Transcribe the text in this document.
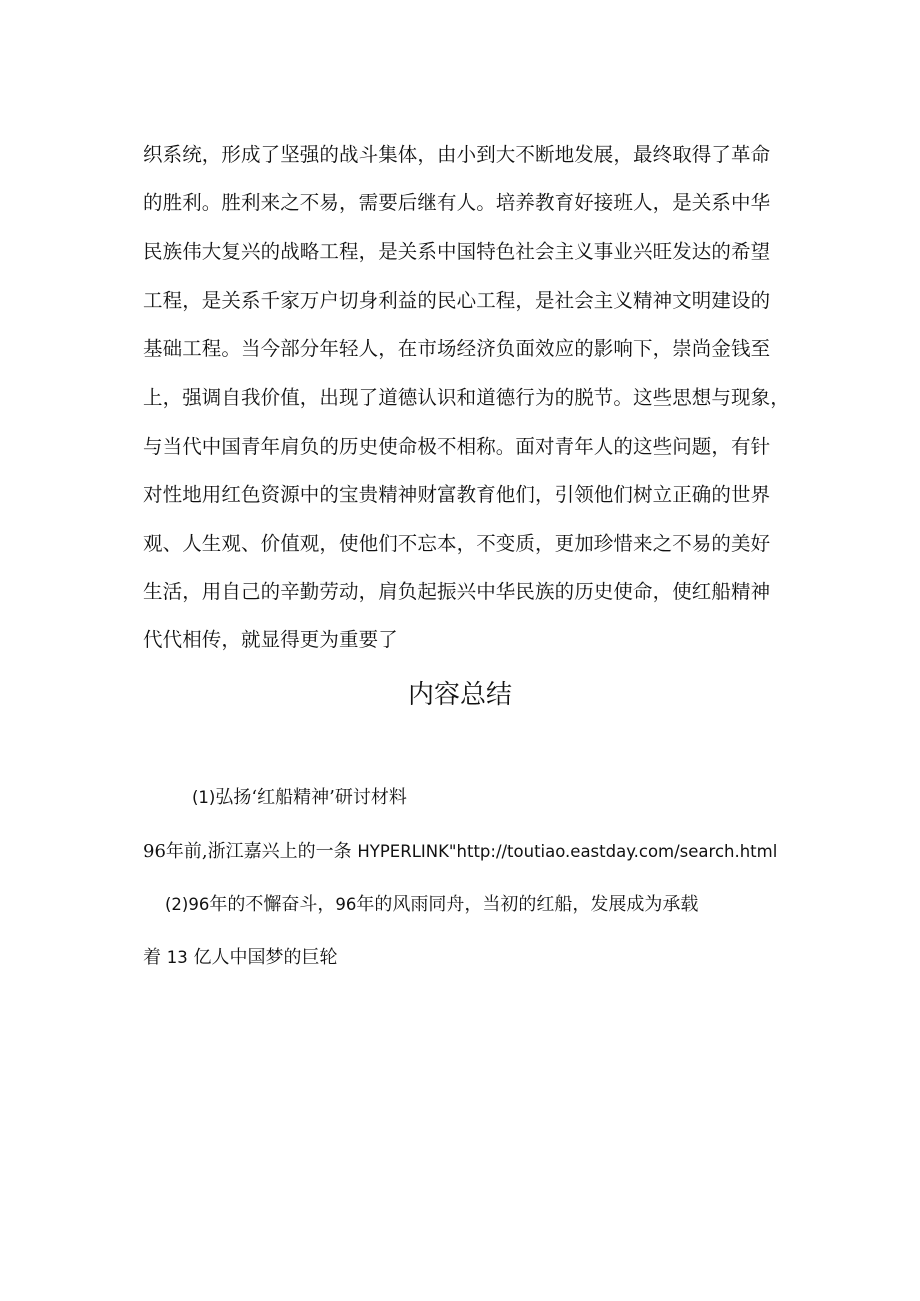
织系统，形成了坚强的战斗集体，由小到大不断地发展，最终取得了革命
的胜利。胜利来之不易，需要后继有人。培养教育好接班人，是关系中华
民族伟大复兴的战略工程，是关系中国特色社会主义事业兴旺发达的希望
工程，是关系千家万户切身利益的民心工程，是社会主义精神文明建设的
基础工程。当今部分年轻人，在市场经济负面效应的影响下，崇尚金钱至
上，强调自我价值，出现了道德认识和道德行为的脱节。这些思想与现象，
与当代中国青年肩负的历史使命极不相称。面对青年人的这些问题，有针
对性地用红色资源中的宝贵精神财富教育他们，引领他们树立正确的世界
观、人生观、价值观，使他们不忘本，不变质，更加珍惜来之不易的美好
生活，用自己的辛勤劳动，肩负起振兴中华民族的历史使命，使红船精神
代代相传，就显得更为重要了
内容总结
(1)弘扬‘红船精神’研讨材料
96年前,浙江嘉兴上的一条 HYPERLINK"http://toutiao.eastday.com/search.html
(2)96年的不懈奋斗，96年的风雨同舟，当初的红船，发展成为承载
着 13 亿人中国梦的巨轮
